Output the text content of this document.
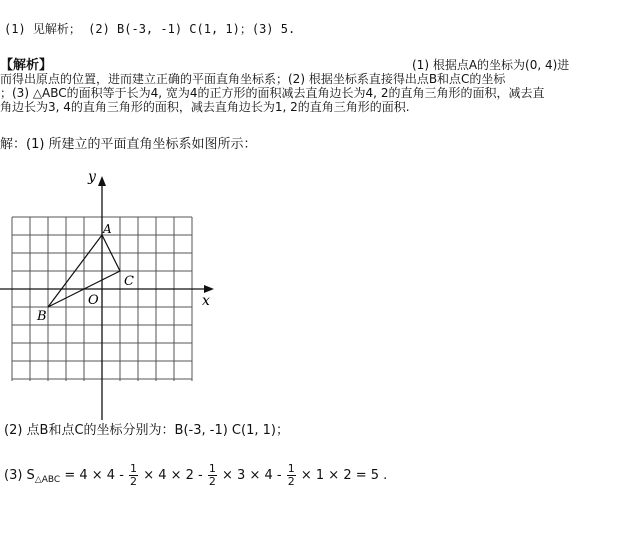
(1) 见解析； (2) B(-3, -1) C(1, 1)；(3) 5.
【解析】	(1) 根据点A的坐标为(0, 4)进
而得出原点的位置，进而建立正确的平面直角坐标系；(2) 根据坐标系直接得出点B和点C的坐标
；(3) △ABC的面积等于长为4, 宽为4的正方形的面积减去直角边长为4, 2的直角三角形的面积，减去直
角边长为3, 4的直角三角形的面积，减去直角边长为1, 2的直角三角形的面积.
解：(1) 所建立的平面直角坐标系如图所示：
x
y
O
A
B
C
(2) 点B和点C的坐标分别为：B(-3, -1) C(1, 1)；
(3) $S_{\triangle ABC} = 4 \times 4 - \frac{1}{2} \times 4 \times 2 - \frac{1}{2} \times 3 \times 4 - \frac{1}{2} \times 1 \times 2 = 5$ .
